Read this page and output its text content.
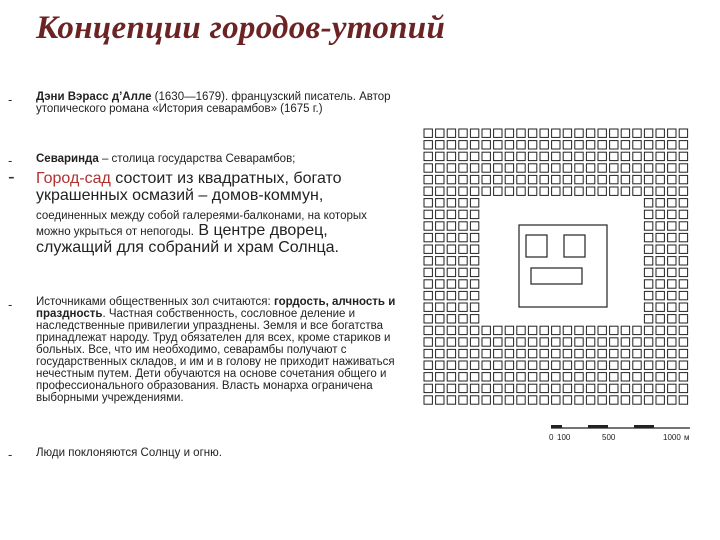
Концепции городов-утопий
- Дэни Вэрасс д’Алле (1630—1679). французский писатель. Автор утопического романа «История севарамбов» (1675 г.)
- Севаринда – столица государства Севарамбов;
- Город-сад состоит из квадратных, богато украшенных осмазий – домов-коммун,
соединенных между собой галереями-балконами, на которых можно укрыться от непогоды. В центре дворец, служащий для собраний и храм Солнца.
- Источниками общественных зол считаются: гордость, алчность и праздность. Частная собственность, сословное деление и наследственные привилегии упразднены. Земля и все богатства принадлежат народу. Труд обязателен для всех, кроме стариков и больных. Все, что им необходимо, севарамбы получают с государственных складов, и им и в голову не приходит наживаться нечестным путем. Дети обучаются на основе сочетания общего и профессионального образования. Власть монарха ограничена выборными учреждениями.
- Люди поклоняются Солнцу и огню.
0 100	500	1000 м
